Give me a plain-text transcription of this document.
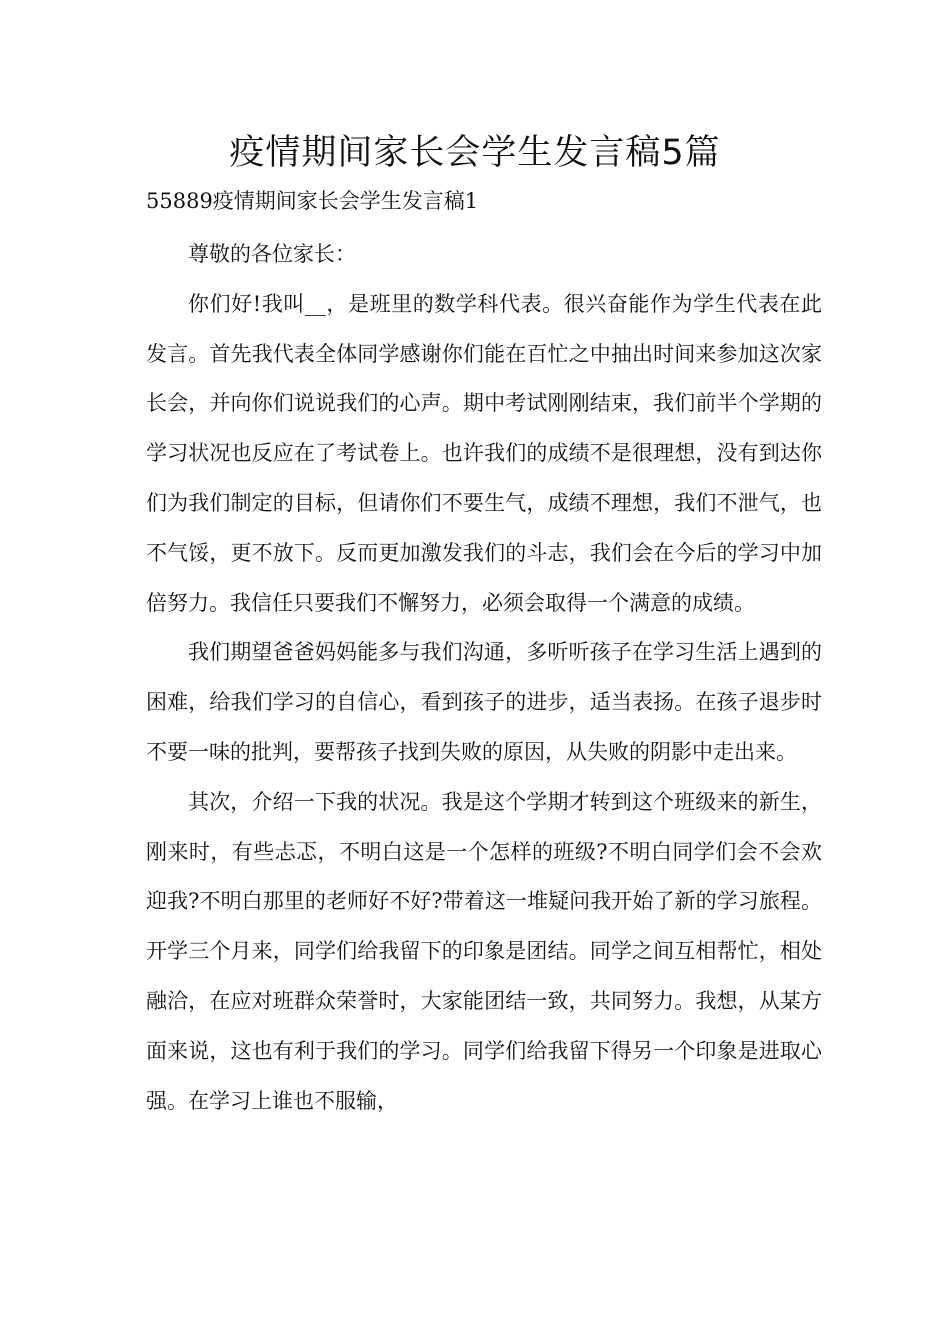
疫情期间家长会学生发言稿5篇

55889疫情期间家长会学生发言稿1

尊敬的各位家长：

你们好!我叫__，是班里的数学科代表。很兴奋能作为学生代表在此发言。首先我代表全体同学感谢你们能在百忙之中抽出时间来参加这次家长会，并向你们说说我们的心声。期中考试刚刚结束，我们前半个学期的学习状况也反应在了考试卷上。也许我们的成绩不是很理想，没有到达你们为我们制定的目标，但请你们不要生气，成绩不理想，我们不泄气，也不气馁，更不放下。反而更加激发我们的斗志，我们会在今后的学习中加倍努力。我信任只要我们不懈努力，必须会取得一个满意的成绩。

我们期望爸爸妈妈能多与我们沟通，多听听孩子在学习生活上遇到的困难，给我们学习的自信心，看到孩子的进步，适当表扬。在孩子退步时不要一味的批判，要帮孩子找到失败的原因，从失败的阴影中走出来。

其次，介绍一下我的状况。我是这个学期才转到这个班级来的新生，刚来时，有些忐忑，不明白这是一个怎样的班级?不明白同学们会不会欢迎我?不明白那里的老师好不好?带着这一堆疑问我开始了新的学习旅程。开学三个月来，同学们给我留下的印象是团结。同学之间互相帮忙，相处融洽，在应对班群众荣誉时，大家能团结一致，共同努力。我想，从某方面来说，这也有利于我们的学习。同学们给我留下得另一个印象是进取心强。在学习上谁也不服输，
